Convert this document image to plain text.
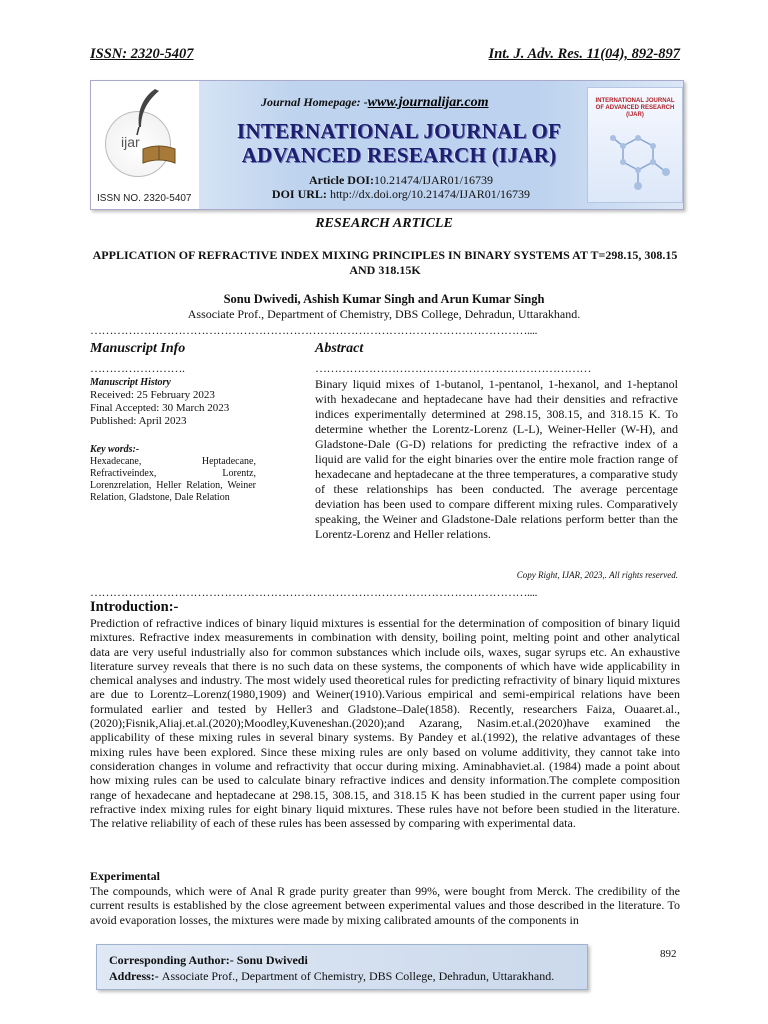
ISSN: 2320-5407	Int. J. Adv. Res. 11(04), 892-897
ijar
ISSN NO. 2320-5407
Journal Homepage: -www.journalijar.com
INTERNATIONAL JOURNAL OF
ADVANCED RESEARCH (IJAR)
Article DOI:10.21474/IJAR01/16739
DOI URL: http://dx.doi.org/10.21474/IJAR01/16739
INTERNATIONAL JOURNAL OF ADVANCED RESEARCH (IJAR)
RESEARCH ARTICLE
APPLICATION OF REFRACTIVE INDEX MIXING PRINCIPLES IN BINARY SYSTEMS AT T=298.15, 308.15 AND 318.15K
Sonu Dwivedi, Ashish Kumar Singh and Arun Kumar Singh
Associate Prof., Department of Chemistry, DBS College, Dehradun, Uttarakhand.
……………………………………………………………………………………………………....
Manuscript Info
…………………….
Manuscript History
Received: 25 February 2023
Final Accepted: 30 March 2023
Published: April 2023
Key words:-
Hexadecane, Heptadecane, Refractiveindex, Lorentz, Lorenzrelation, Heller Relation, Weiner Relation, Gladstone, Dale Relation
Abstract
………………………………………………………………
Binary liquid mixes of 1-butanol, 1-pentanol, 1-hexanol, and 1-heptanol with hexadecane and heptadecane have had their densities and refractive indices experimentally determined at 298.15, 308.15, and 318.15 K. To determine whether the Lorentz-Lorenz (L-L), Weiner-Heller (W-H), and Gladstone-Dale (G-D) relations for predicting the refractive index of a liquid are valid for the eight binaries over the entire mole fraction range of hexadecane and heptadecane at the three temperatures, a comparative study of these relationships has been conducted. The average percentage deviation has been used to compare different mixing rules. Comparatively speaking, the Weiner and Gladstone-Dale relations perform better than the Lorentz-Lorenz and Heller relations.
Copy Right, IJAR, 2023,. All rights reserved.
……………………………………………………………………………………………………....
Introduction:-
Prediction of refractive indices of binary liquid mixtures is essential for the determination of composition of binary liquid mixtures. Refractive index measurements in combination with density, boiling point, melting point and other analytical data are very useful industrially also for common substances which include oils, waxes, sugar syrups etc. An exhaustive literature survey reveals that there is no such data on these systems, the components of which have wide applicability in chemical analyses and industry. The most widely used theoretical rules for predicting refractivity of binary liquid mixtures are due to Lorentz–Lorenz(1980,1909) and Weiner(1910).Various empirical and semi-empirical relations have been formulated earlier and tested by Heller3 and Gladstone–Dale(1858). Recently, researchers Faiza, Ouaaret.al.,(2020);Fisnik,Aliaj.et.al.(2020);Moodley,Kuveneshan.(2020);and Azarang, Nasim.et.al.(2020)have examined the applicability of these mixing rules in several binary systems. By Pandey et al.(1992), the relative advantages of these mixing rules have been explored. Since these mixing rules are only based on volume additivity, they cannot take into consideration changes in volume and refractivity that occur during mixing. Aminabhaviet.al. (1984) made a point about how mixing rules can be used to calculate binary refractive indices and density information.The complete composition range of hexadecane and heptadecane at 298.15, 308.15, and 318.15 K has been studied in the current paper using four refractive index mixing rules for eight binary liquid mixtures. These rules have not before been studied in the literature. The relative reliability of each of these rules has been assessed by comparing with experimental data.
Experimental
The compounds, which were of Anal R grade purity greater than 99%, were bought from Merck. The credibility of the current results is established by the close agreement between experimental values and those described in the literature. To avoid evaporation losses, the mixtures were made by mixing calibrated amounts of the components in
Corresponding Author:- Sonu Dwivedi
Address:- Associate Prof., Department of Chemistry, DBS College, Dehradun, Uttarakhand.
892
